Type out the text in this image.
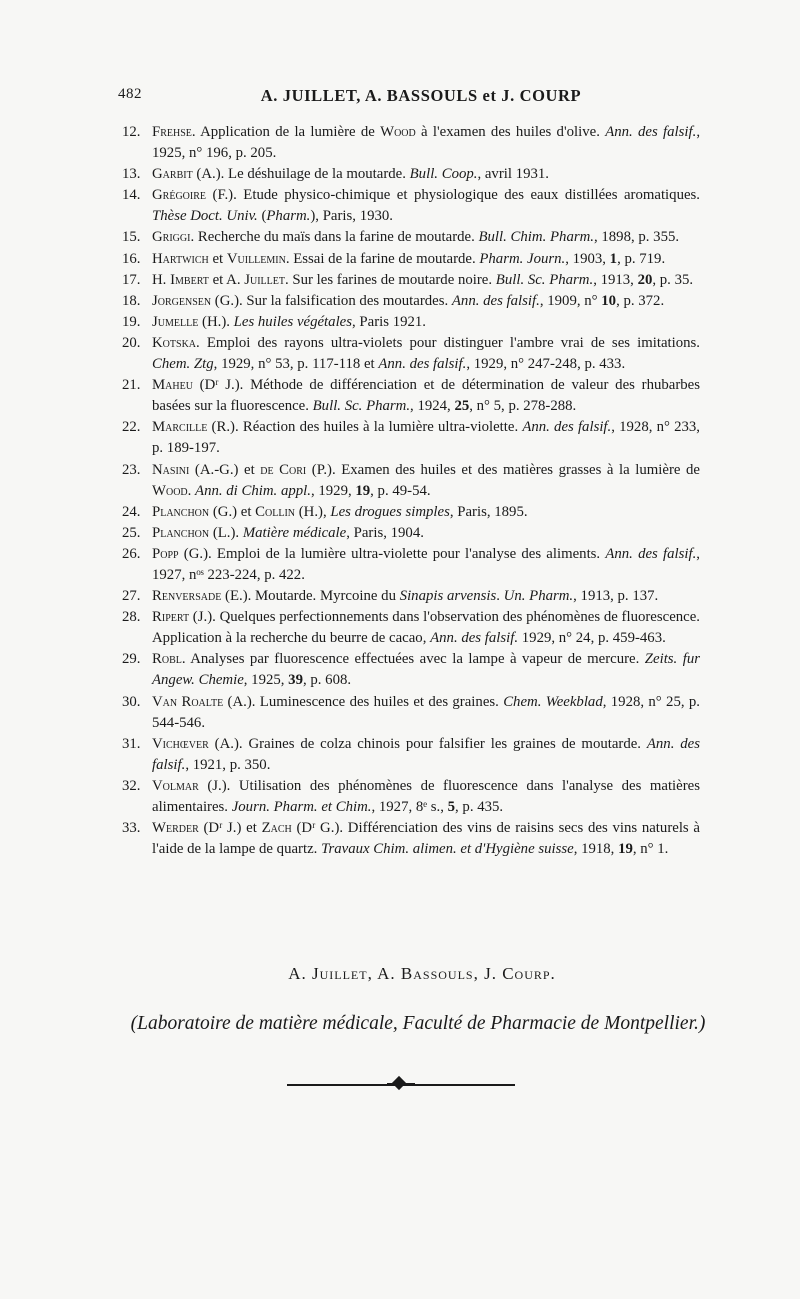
482	A. JUILLET, A. BASSOULS et J. COURP
12. Frehse. Application de la lumière de Wood à l'examen des huiles d'olive. Ann. des falsif., 1925, n° 196, p. 205.
13. Garbit (A.). Le déshuilage de la moutarde. Bull. Coop., avril 1931.
14. Grégoire (F.). Etude physico-chimique et physiologique des eaux distillées aromatiques. Thèse Doct. Univ. (Pharm.), Paris, 1930.
15. Griggi. Recherche du maïs dans la farine de moutarde. Bull. Chim. Pharm., 1898, p. 355.
16. Hartwich et Vuillemin. Essai de la farine de moutarde. Pharm. Journ., 1903, 1, p. 719.
17. H. Imbert et A. Juillet. Sur les farines de moutarde noire. Bull. Sc. Pharm., 1913, 20, p. 35.
18. Jorgensen (G.). Sur la falsification des moutardes. Ann. des falsif., 1909, n° 10, p. 372.
19. Jumelle (H.). Les huiles végétales, Paris 1921.
20. Kotska. Emploi des rayons ultra-violets pour distinguer l'ambre vrai de ses imitations. Chem. Ztg, 1929, n° 53, p. 117-118 et Ann. des falsif., 1929, n° 247-248, p. 433.
21. Maheu (Dʳ J.). Méthode de différenciation et de détermination de valeur des rhubarbes basées sur la fluorescence. Bull. Sc. Pharm., 1924, 25, n° 5, p. 278-288.
22. Marcille (R.). Réaction des huiles à la lumière ultra-violette. Ann. des falsif., 1928, n° 233, p. 189-197.
23. Nasini (A.-G.) et de Cori (P.). Examen des huiles et des matières grasses à la lumière de Wood. Ann. di Chim. appl., 1929, 19, p. 49-54.
24. Planchon (G.) et Collin (H.), Les drogues simples, Paris, 1895.
25. Planchon (L.). Matière médicale, Paris, 1904.
26. Popp (G.). Emploi de la lumière ultra-violette pour l'analyse des aliments. Ann. des falsif., 1927, nᵒˢ 223-224, p. 422.
27. Renversade (E.). Moutarde. Myrcoine du Sinapis arvensis. Un. Pharm., 1913, p. 137.
28. Ripert (J.). Quelques perfectionnements dans l'observation des phénomènes de fluorescence. Application à la recherche du beurre de cacao, Ann. des falsif. 1929, n° 24, p. 459-463.
29. Robl. Analyses par fluorescence effectuées avec la lampe à vapeur de mercure. Zeits. fur Angew. Chemie, 1925, 39, p. 608.
30. Van Roalte (A.). Luminescence des huiles et des graines. Chem. Weekblad, 1928, n° 25, p. 544-546.
31. Vichœver (A.). Graines de colza chinois pour falsifier les graines de moutarde. Ann. des falsif., 1921, p. 350.
32. Volmar (J.). Utilisation des phénomènes de fluorescence dans l'analyse des matières alimentaires. Journ. Pharm. et Chim., 1927, 8ᵉ s., 5, p. 435.
33. Werder (Dʳ J.) et Zach (Dʳ G.). Différenciation des vins de raisins secs des vins naturels à l'aide de la lampe de quartz. Travaux Chim. alimen. et d'Hygiène suisse, 1918, 19, n° 1.
A. Juillet, A. Bassouls, J. Courp.
(Laboratoire de matière médicale, Faculté de Pharmacie de Montpellier.)
